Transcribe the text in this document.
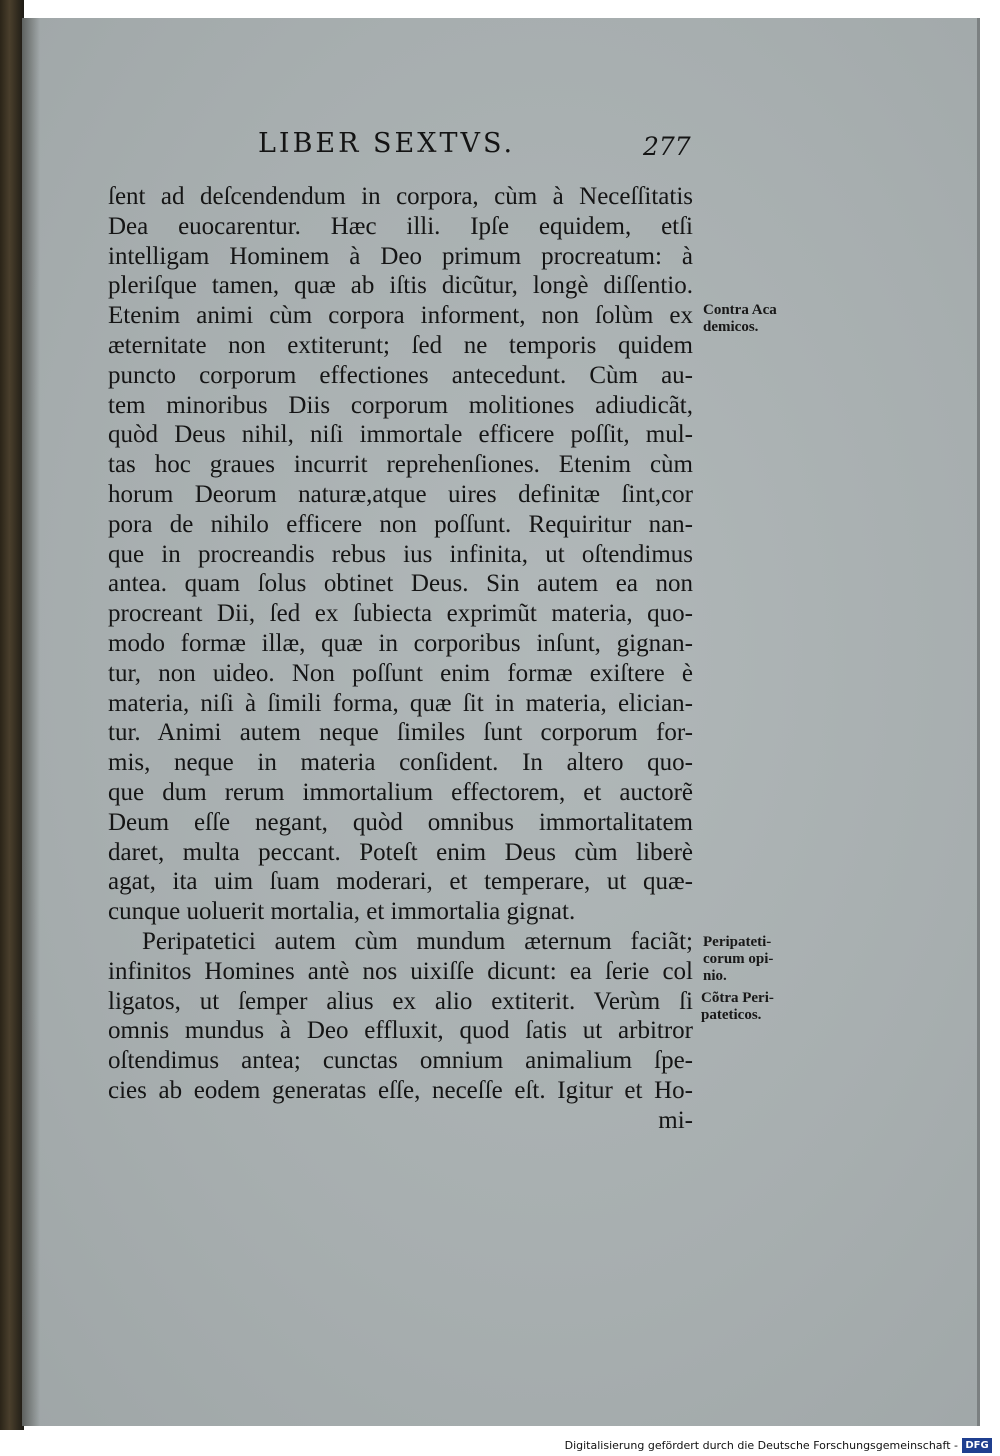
LIBER SEXTVS.	277
ſent ad deſcendendum in corpora, cùm à Neceſſitatis
Dea euocarentur. Hæc illi. Ipſe equidem, etſi
intelligam Hominem à Deo primum procreatum: à
pleriſque tamen, quæ ab iſtis dicũtur, longè diſſentio.
Etenim animi cùm corpora informent, non ſolùm ex
æternitate non extiterunt; ſed ne temporis quidem
puncto corporum effectiones antecedunt. Cùm au-
tem minoribus Diis corporum molitiones adiudicãt,
quòd Deus nihil, niſi immortale efficere poſſit, mul-
tas hoc graues incurrit reprehenſiones. Etenim cùm
horum Deorum naturæ,atque uires definitæ ſint,cor
pora de nihilo efficere non poſſunt. Requiritur nan-
que in procreandis rebus ius infinita, ut oſtendimus
antea. quam ſolus obtinet Deus. Sin autem ea non
procreant Dii, ſed ex ſubiecta exprimũt materia, quo-
modo formæ illæ, quæ in corporibus inſunt, gignan-
tur, non uideo. Non poſſunt enim formæ exiſtere è
materia, niſi à ſimili forma, quæ ſit in materia, elician-
tur. Animi autem neque ſimiles ſunt corporum for-
mis, neque in materia conſident. In altero quo-
que dum rerum immortalium effectorem, et auctorẽ
Deum eſſe negant, quòd omnibus immortalitatem
daret, multa peccant. Poteſt enim Deus cùm liberè
agat, ita uim ſuam moderari, et temperare, ut quæ-
cunque uoluerit mortalia, et immortalia gignat.
Peripatetici autem cùm mundum æternum faciãt;
infinitos Homines antè nos uixiſſe dicunt: ea ſerie col
ligatos, ut ſemper alius ex alio extiterit. Verùm ſi
omnis mundus à Deo effluxit, quod ſatis ut arbitror
oſtendimus antea; cunctas omnium animalium ſpe-
cies ab eodem generatas eſſe, neceſſe eſt. Igitur et Ho-
mi-
Contra Aca
demicos.
Peripateti-
corum opi-
nio.
Cõtra Peri-
pateticos.
Digitalisierung gefördert durch die Deutsche Forschungsgemeinschaft - DFG
